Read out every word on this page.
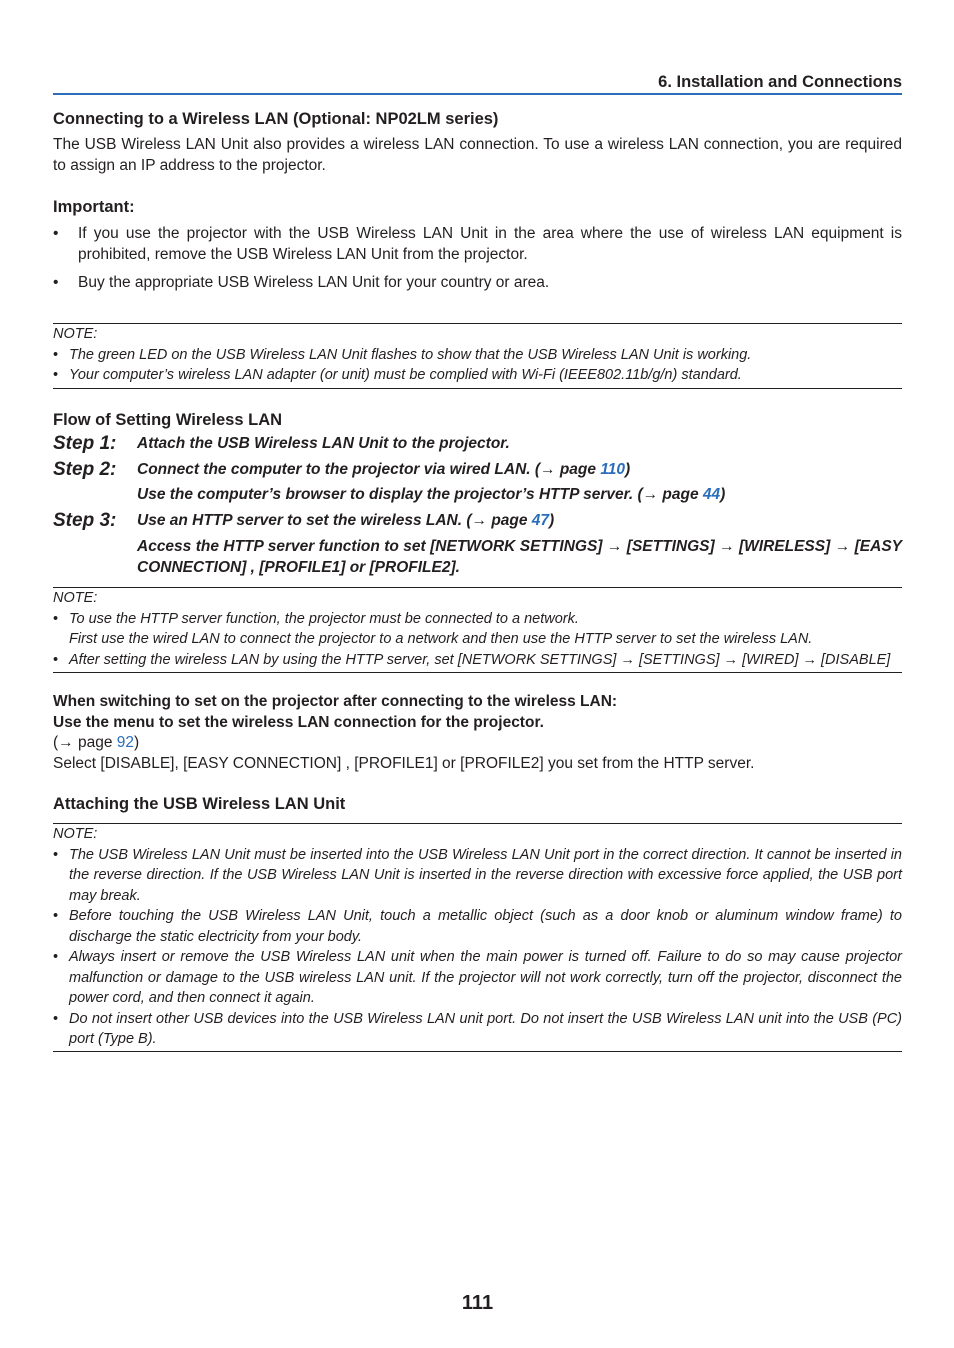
6. Installation and Connections
Connecting to a Wireless LAN (Optional: NP02LM series)
The USB Wireless LAN Unit also provides a wireless LAN connection. To use a wireless LAN connection, you are required to assign an IP address to the projector.
Important:
• If you use the projector with the USB Wireless LAN Unit in the area where the use of wireless LAN equipment is prohibited, remove the USB Wireless LAN Unit from the projector.
• Buy the appropriate USB Wireless LAN Unit for your country or area.

NOTE:

• The green LED on the USB Wireless LAN Unit flashes to show that the USB Wireless LAN Unit is working.
• Your computer’s wireless LAN adapter (or unit) must be complied with Wi-Fi (IEEE802.11b/g/n) standard.
Flow of Setting Wireless LAN
Step 1: Attach the USB Wireless LAN Unit to the projector.
Step 2: Connect the computer to the projector via wired LAN. (→ page 110)
Use the computer’s browser to display the projector’s HTTP server. (→ page 44)
Step 3: Use an HTTP server to set the wireless LAN. (→ page 47)
Access the HTTP server function to set [NETWORK SETTINGS] → [SETTINGS] → [WIRELESS] → [EASY CONNECTION] , [PROFILE1] or [PROFILE2].

NOTE:

• To use the HTTP server function, the projector must be connected to a network.
First use the wired LAN to connect the projector to a network and then use the HTTP server to set the wireless LAN.
• After setting the wireless LAN by using the HTTP server, set [NETWORK SETTINGS] → [SETTINGS] → [WIRED] → [DISABLE]

When switching to set on the projector after connecting to the wireless LAN:

Use the menu to set the wireless LAN connection for the projector.

(→ page 92)

Select [DISABLE], [EASY CONNECTION] , [PROFILE1] or [PROFILE2] you set from the HTTP server.

Attaching the USB Wireless LAN Unit

NOTE:

• The USB Wireless LAN Unit must be inserted into the USB Wireless LAN Unit port in the correct direction. It cannot be inserted in the reverse direction. If the USB Wireless LAN Unit is inserted in the reverse direction with excessive force applied, the USB port may break.
• Before touching the USB Wireless LAN Unit, touch a metallic object (such as a door knob or aluminum window frame) to discharge the static electricity from your body.
• Always insert or remove the USB Wireless LAN unit when the main power is turned off. Failure to do so may cause projector malfunction or damage to the USB wireless LAN unit. If the projector will not work correctly, turn off the projector, disconnect the power cord, and then connect it again.
• Do not insert other USB devices into the USB Wireless LAN unit port. Do not insert the USB Wireless LAN unit into the USB (PC) port (Type B).
111
